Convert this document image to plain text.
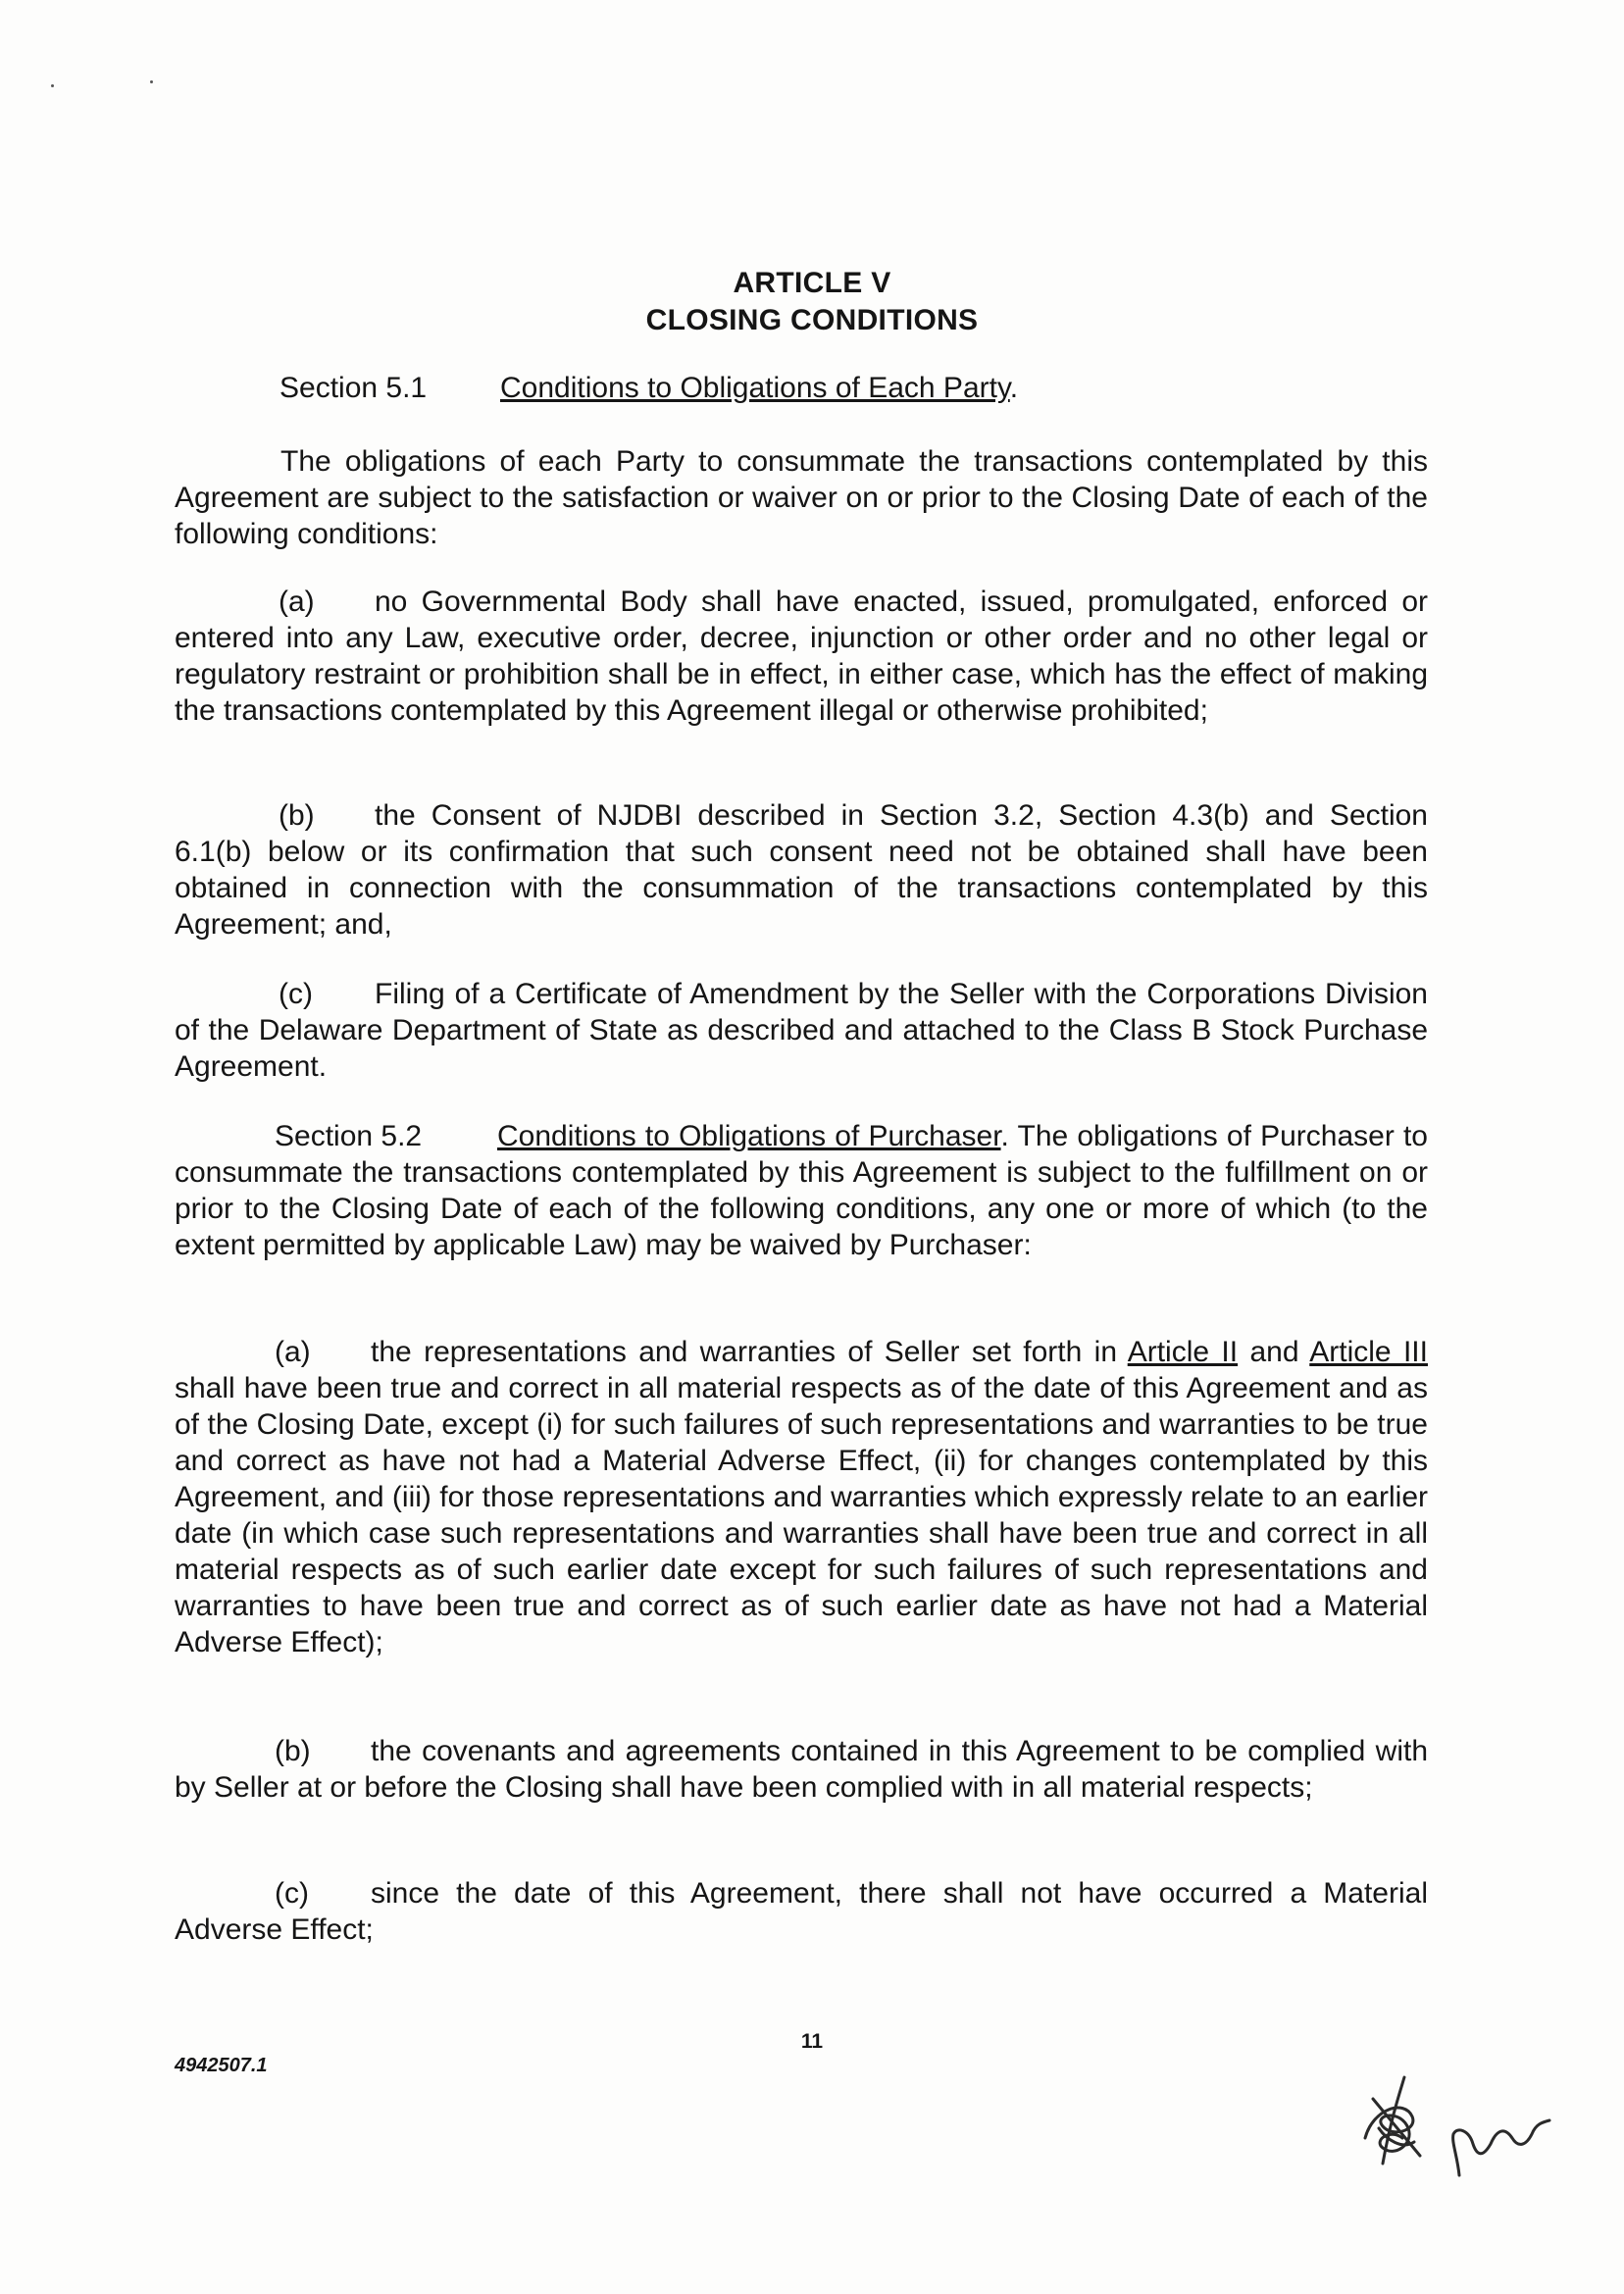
ARTICLE V
CLOSING CONDITIONS
Section 5.1 Conditions to Obligations of Each Party.
The obligations of each Party to consummate the transactions contemplated by this Agreement are subject to the satisfaction or waiver on or prior to the Closing Date of each of the following conditions:
(a) no Governmental Body shall have enacted, issued, promulgated, enforced or entered into any Law, executive order, decree, injunction or other order and no other legal or regulatory restraint or prohibition shall be in effect, in either case, which has the effect of making the transactions contemplated by this Agreement illegal or otherwise prohibited;
(b) the Consent of NJDBI described in Section 3.2, Section 4.3(b) and Section 6.1(b) below or its confirmation that such consent need not be obtained shall have been obtained in connection with the consummation of the transactions contemplated by this Agreement; and,
(c) Filing of a Certificate of Amendment by the Seller with the Corporations Division of the Delaware Department of State as described and attached to the Class B Stock Purchase Agreement.
Section 5.2	Conditions to Obligations of Purchaser. The obligations of Purchaser to consummate the transactions contemplated by this Agreement is subject to the fulfillment on or prior to the Closing Date of each of the following conditions, any one or more of which (to the extent permitted by applicable Law) may be waived by Purchaser:
(a) the representations and warranties of Seller set forth in Article II and Article III shall have been true and correct in all material respects as of the date of this Agreement and as of the Closing Date, except (i) for such failures of such representations and warranties to be true and correct as have not had a Material Adverse Effect, (ii) for changes contemplated by this Agreement, and (iii) for those representations and warranties which expressly relate to an earlier date (in which case such representations and warranties shall have been true and correct in all material respects as of such earlier date except for such failures of such representations and warranties to have been true and correct as of such earlier date as have not had a Material Adverse Effect);
(b) the covenants and agreements contained in this Agreement to be complied with by Seller at or before the Closing shall have been complied with in all material respects;
(c) since the date of this Agreement, there shall not have occurred a Material Adverse Effect;
11
4942507.1
